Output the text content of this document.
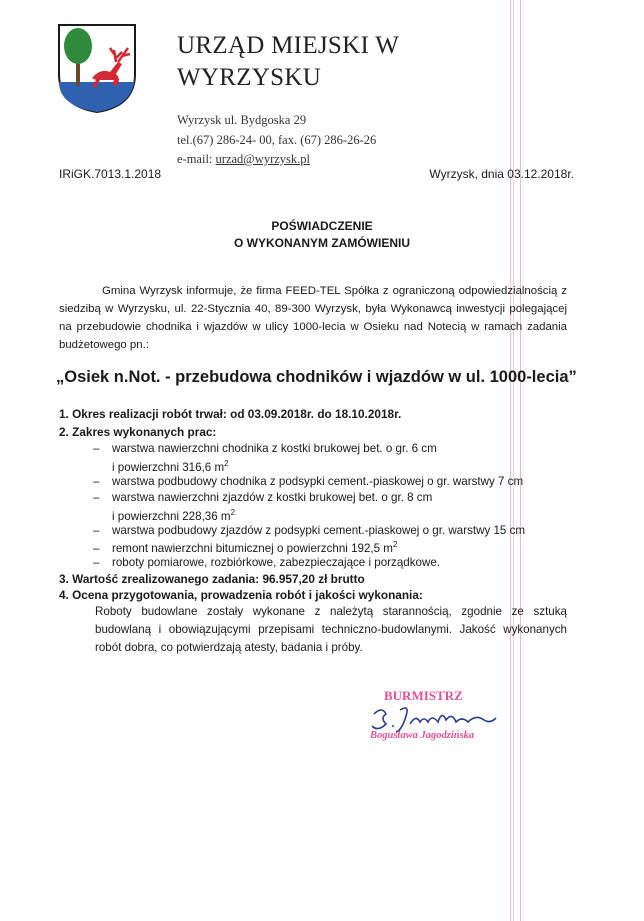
URZĄD MIEJSKI W
WYRZYSKU
Wyrzysk ul. Bydgoska 29
tel.(67) 286-24- 00, fax. (67) 286-26-26
e-mail: urzad@wyrzysk.pl
IRiGK.7013.1.2018	Wyrzysk, dnia 03.12.2018r.
POŚWIADCZENIE
O WYKONANYM ZAMÓWIENIU
Gmina Wyrzysk informuje, że firma FEED-TEL Spółka z ograniczoną odpowiedzialnością z siedzibą w Wyrzysku, ul. 22-Stycznia 40, 89-300 Wyrzysk, była Wykonawcą inwestycji polegającej na przebudowie chodnika i wjazdów w ulicy 1000-lecia w Osieku nad Notecią w ramach zadania budżetowego pn.:
„Osiek n.Not. - przebudowa chodników i wjazdów w ul. 1000-lecia”
1. Okres realizacji robót trwał: od 03.09.2018r. do 18.10.2018r.
2. Zakres wykonanych prac:
– warstwa nawierzchni chodnika z kostki brukowej bet. o gr. 6 cm
i powierzchni 316,6 $m^2$
– warstwa podbudowy chodnika z podsypki cement.-piaskowej o gr. warstwy 7 cm
– warstwa nawierzchni zjazdów z kostki brukowej bet. o gr. 8 cm
i powierzchni 228,36 $m^2$
– warstwa podbudowy zjazdów z podsypki cement.-piaskowej o gr. warstwy 15 cm
– remont nawierzchni bitumicznej o powierzchni 192,5 $m^2$
– roboty pomiarowe, rozbiórkowe, zabezpieczające i porządkowe.
3. Wartość zrealizowanego zadania: 96.957,20 zł brutto
4. Ocena przygotowania, prowadzenia robót i jakości wykonania:
Roboty budowlane zostały wykonane z należytą starannością, zgodnie ze sztuką budowlaną i obowiązującymi przepisami techniczno-budowlanymi. Jakość wykonanych robót dobra, co potwierdzają atesty, badania i próby.
BURMISTRZ
Bogusława Jagodzińska
